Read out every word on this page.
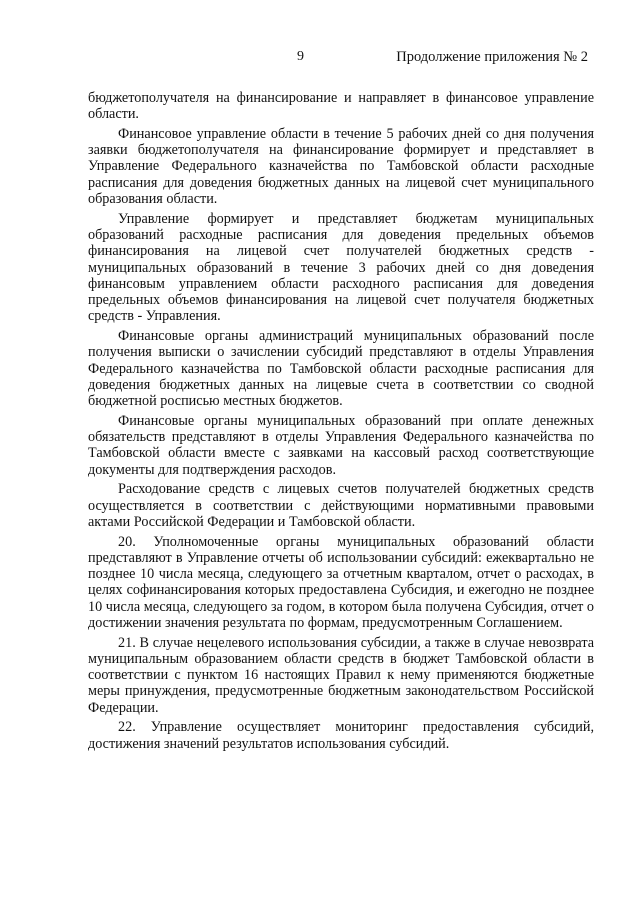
9	Продолжение приложения № 2

бюджетополучателя на финансирование и направляет в финансовое управление области.

Финансовое управление области в течение 5 рабочих дней со дня получения заявки бюджетополучателя на финансирование формирует и представляет в Управление Федерального казначейства по Тамбовской области расходные расписания для доведения бюджетных данных на лицевой счет муниципального образования области.

Управление формирует и представляет бюджетам муниципальных образований расходные расписания для доведения предельных объемов финансирования на лицевой счет получателей бюджетных средств - муниципальных образований в течение 3 рабочих дней со дня доведения финансовым управлением области расходного расписания для доведения предельных объемов финансирования на лицевой счет получателя бюджетных средств - Управления.

Финансовые органы администраций муниципальных образований после получения выписки о зачислении субсидий представляют в отделы Управления Федерального казначейства по Тамбовской области расходные расписания для доведения бюджетных данных на лицевые счета в соответствии со сводной бюджетной росписью местных бюджетов.

Финансовые органы муниципальных образований при оплате денежных обязательств представляют в отделы Управления Федерального казначейства по Тамбовской области вместе с заявками на кассовый расход соответствующие документы для подтверждения расходов.

Расходование средств с лицевых счетов получателей бюджетных средств осуществляется в соответствии с действующими нормативными правовыми актами Российской Федерации и Тамбовской области.

20. Уполномоченные органы муниципальных образований области представляют в Управление отчеты об использовании субсидий: ежеквартально не позднее 10 числа месяца, следующего за отчетным кварталом, отчет о расходах, в целях софинансирования которых предоставлена Субсидия, и ежегодно не позднее 10 числа месяца, следующего за годом, в котором была получена Субсидия, отчет о достижении значения результата по формам, предусмотренным Соглашением.

21. В случае нецелевого использования субсидии, а также в случае невозврата муниципальным образованием области средств в бюджет Тамбовской области в соответствии с пунктом 16 настоящих Правил к нему применяются бюджетные меры принуждения, предусмотренные бюджетным законодательством Российской Федерации.

22. Управление осуществляет мониторинг предоставления субсидий, достижения значений результатов использования субсидий.
